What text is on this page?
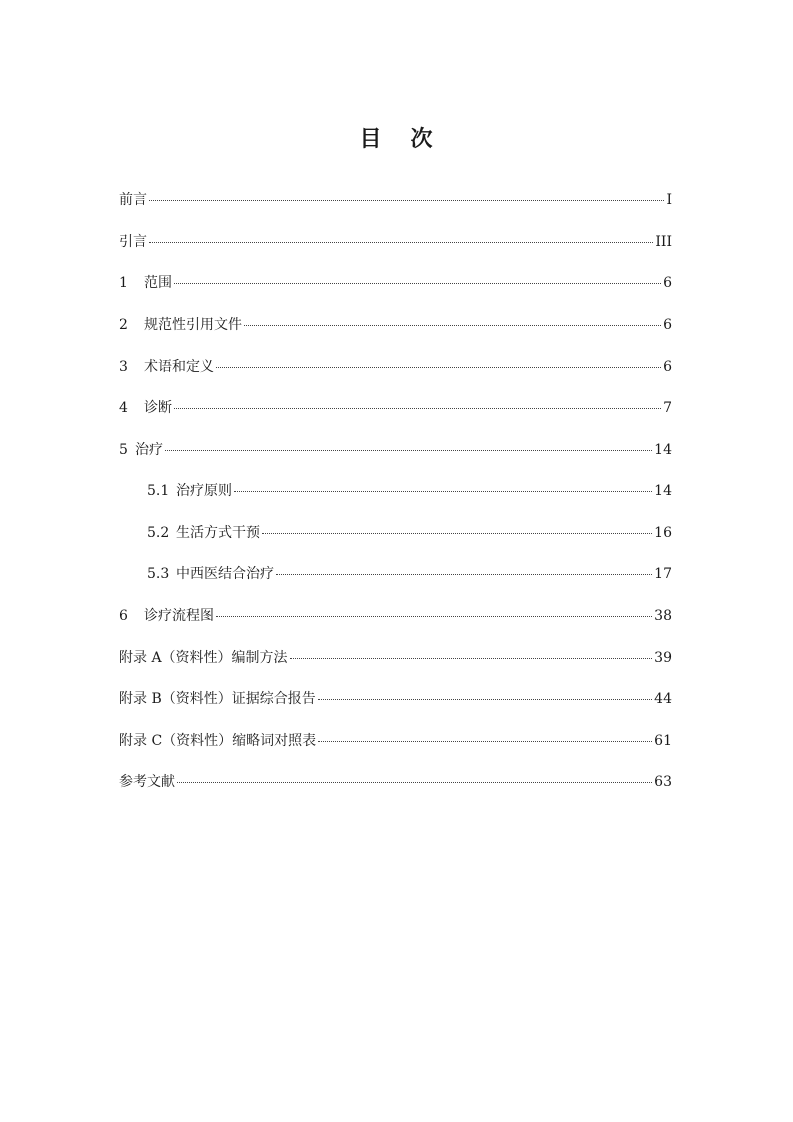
目 次
前言	I
引言	III
1	范围	6
2	规范性引用文件	6
3	术语和定义	6
4	诊断	7
5 治疗	14
5.1 治疗原则	14
5.2 生活方式干预	16
5.3 中西医结合治疗	17
6	诊疗流程图	38
附录 A（资料性）编制方法	39
附录 B（资料性）证据综合报告	44
附录 C（资料性）缩略词对照表	61
参考文献	63
